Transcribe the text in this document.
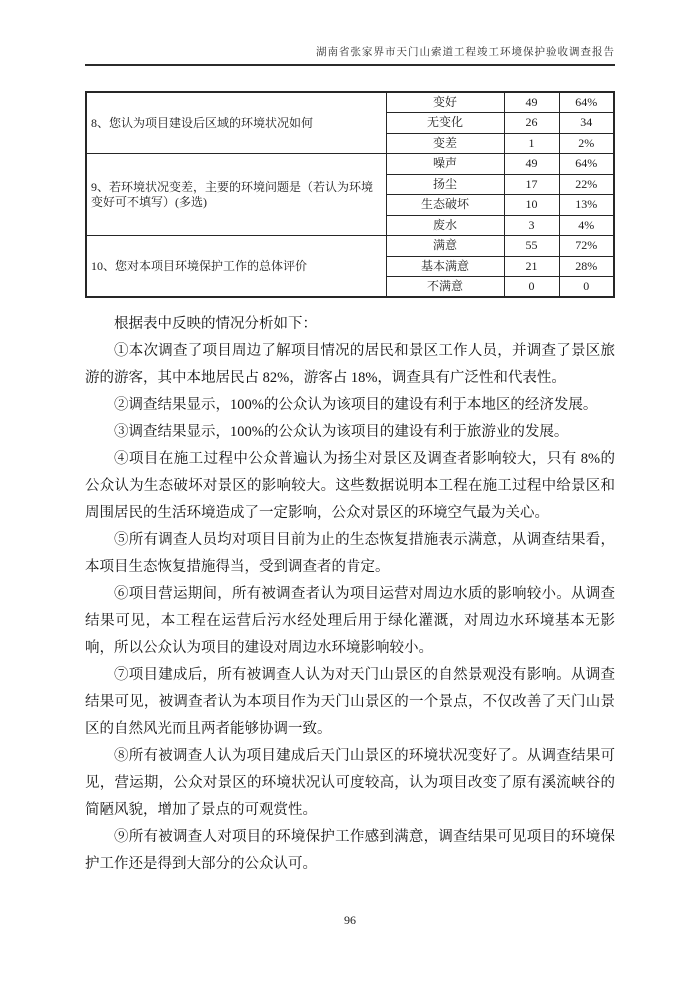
湖南省张家界市天门山索道工程竣工环境保护验收调查报告
8、您认为项目建设后区域的环境状况如何	变好	49	64%
	无变化	26	34
	变差	1	2%
9、若环境状况变差，主要的环境问题是（若认为环境变好可不填写）(多选)	噪声	49	64%
	扬尘	17	22%
	生态破坏	10	13%
	废水	3	4%
10、您对本项目环境保护工作的总体评价	满意	55	72%
	基本满意	21	28%
	不满意	0	0

根据表中反映的情况分析如下：

①本次调查了项目周边了解项目情况的居民和景区工作人员，并调查了景区旅游的游客，其中本地居民占 82%，游客占 18%，调查具有广泛性和代表性。

②调查结果显示，100%的公众认为该项目的建设有利于本地区的经济发展。

③调查结果显示，100%的公众认为该项目的建设有利于旅游业的发展。

④项目在施工过程中公众普遍认为扬尘对景区及调查者影响较大，只有 8%的公众认为生态破坏对景区的影响较大。这些数据说明本工程在施工过程中给景区和周围居民的生活环境造成了一定影响，公众对景区的环境空气最为关心。

⑤所有调查人员均对项目目前为止的生态恢复措施表示满意，从调查结果看，本项目生态恢复措施得当，受到调查者的肯定。

⑥项目营运期间，所有被调查者认为项目运营对周边水质的影响较小。从调查结果可见，本工程在运营后污水经处理后用于绿化灌溉，对周边水环境基本无影响，所以公众认为项目的建设对周边水环境影响较小。

⑦项目建成后，所有被调查人认为对天门山景区的自然景观没有影响。从调查结果可见，被调查者认为本项目作为天门山景区的一个景点，不仅改善了天门山景区的自然风光而且两者能够协调一致。

⑧所有被调查人认为项目建成后天门山景区的环境状况变好了。从调查结果可见，营运期，公众对景区的环境状况认可度较高，认为项目改变了原有溪流峡谷的简陋风貌，增加了景点的可观赏性。

⑨所有被调查人对项目的环境保护工作感到满意，调查结果可见项目的环境保护工作还是得到大部分的公众认可。

96
